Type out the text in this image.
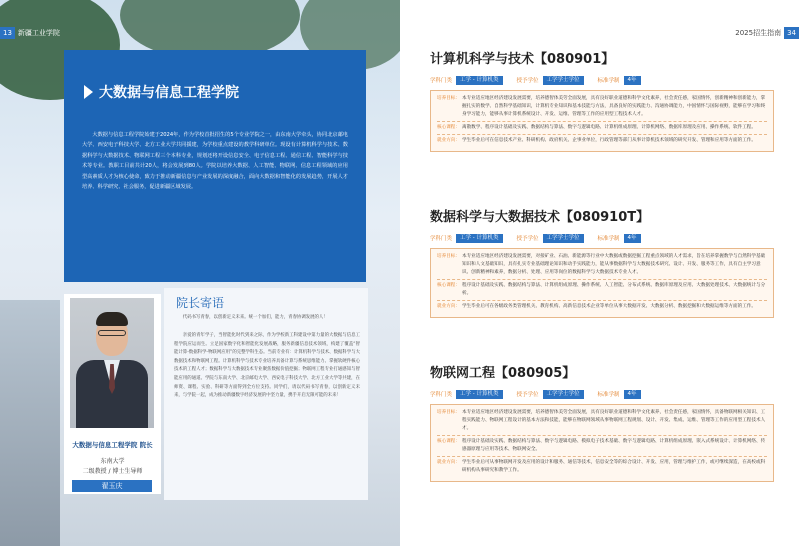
13 新疆工业学院
大数据与信息工程学院

大数据与信息工程学院始建于2024年，作为学校首批招生的5个专业学院之一，由东南大学牵头，协同北京邮电大学、西安电子科技大学、北方工业大学共同援建，为学校重点建设的教学科研单位。现设有计算机科学与技术、数据科学与大数据技术、物联网工程三个本科专业，规划还将开设信息安全、电子信息工程、通信工程、智能科学与技术等专业。教职工目前共计20人，将会发展到80人。学院以培养大数据、人工智能、物联网、信息工程领域的应用型高素质人才为核心使命，致力于推动新疆信息与产业发展的深度融合，面向大数据和智能化的发展趋势，开展人才培养、科学研究、社会服务，促进新疆区域发展。

大数据与信息工程学院 院长
东南大学
二级教授 / 博士生导师
翟玉庆
院长寄语

代码书写青春，以创新定义未来。统一个加们，能力，青春协调发展的人！

亲爱的青年学子，当智能化时代到来之际，作为学校新工科建设中第力量的大数据与信息工程学院应运而生。立足国家数字化和智能化发展战略，服务新疆信息技术领域，构建了覆盖“智能计算-数据科学-物联网应用”的完整学科生态。当前专业有：计算机科学与技术、数据科学与大数据技术和物联网工程。计算机科学与技术专业培养具备计算与系统思维能力、掌握软硬件核心技术的工程人才；数据科学与大数据技术专业聚焦数据价值挖掘；物联网工程专业打通感知与智能应用的通道。学院与东南大学、北京邮电大学、西安电子科技大学、北方工业大学等共建，在师资、课程、实验、科研等方面得到全方位支持。同学们，请以代码书写青春，以创新定义未来，与学院一起，成为推动新疆数字经济发展的中坚力量，携手开启无限可能的未来！

2025招生指南 34
计算机科学与技术【080901】
学科门类	工学 - 计算机类	授予学位	工学学士学位	标准学制	4年
培养目标： 本专业适应地区经济建设发展需要，培养德智体美劳全面发展，具有良好职业道德和科学文化素养，社会责任感，家国情怀，创新精神和创新能力，掌握扎实的数学、自然科学基础知识，计算机专业知识和基本技能与方法，具备良好的实践能力、沟通协调能力，中国情怀与国际视野，能够在学习和终身学习能力，能够从事计算机系统设计、开发、运维、管理等工作的应用型工程技术人才。
核心课程： 离散数学、程序设计基础及实践、数据结构与算法、数字与逻辑电路、计算机组成原理、计算机网络、数据库原理及应用、操作系统、软件工程。
就业方向： 学生毕业后可在信息技术产业、科研机构、政府机关、企事业单位，行政管理等部门从事计算机技术领域的研究开发、管理和应用等方面的工作。
数据科学与大数据技术【080910T】
学科门类	工学 - 计算机类	授予学位	工学学士学位	标准学制	4年
培养目标： 本专业适应地区经济建设发展需要，对接矿业、石油、新能源等行业中大数据或数据挖掘工程重点领域的人才需求，旨在培养掌握数学与自然科学基础知识和人文基础知识，具有扎实专业基础理论知识和动手实践能力，能从事数据科学与大数据技术研究、设计、开发、服务等工作，具有自主学习意识、创新精神和素养，数据分析、处理、应用等岗位的数据科学与大数据技术专业人才。
核心课程： 程序设计基础及实践、数据结构与算法、计算机组成原理、操作系统、人工智能、分布式系统、数据库原理及应用、大数据处理技术、大数据统计与分析。
就业方向： 学生毕业后可在各级政务类管理机关、教育机构、高新信息技术企业等单位从事大数据开发、大数据分析、数据挖掘和大数据运维等方面的工作。
物联网工程【080905】
学科门类	工学 - 计算机类	授予学位	工学学士学位	标准学制	4年
培养目标： 本专业适应地区经济建设发展需要，培养德智体美劳全面发展，具有良好职业道德和科学文化素养，社会责任感，家国情怀，具备物联网相关知识、工程实践能力、物联网工程设计的基本方法和技能，能够在物联网领域从事物联网工程规划、设计、开发、集成、运维、管理等工作的应用型工程技术人才。
核心课程： 程序设计基础及实践、数据结构与算法、数字与逻辑电路、模拟电子技术基础、数字与逻辑电路、计算机组成原理、嵌入式系统设计、计算机网络、传感器原理与应用等技术、物联网安全。
就业方向： 学生毕业后可从事物联网开发及应用的设计和服务、通信等技术，信息安全等的综合设计、开发、应用，管理与维护工作，或可继续深造，在高校或科研机构从事研究和教学工作。
